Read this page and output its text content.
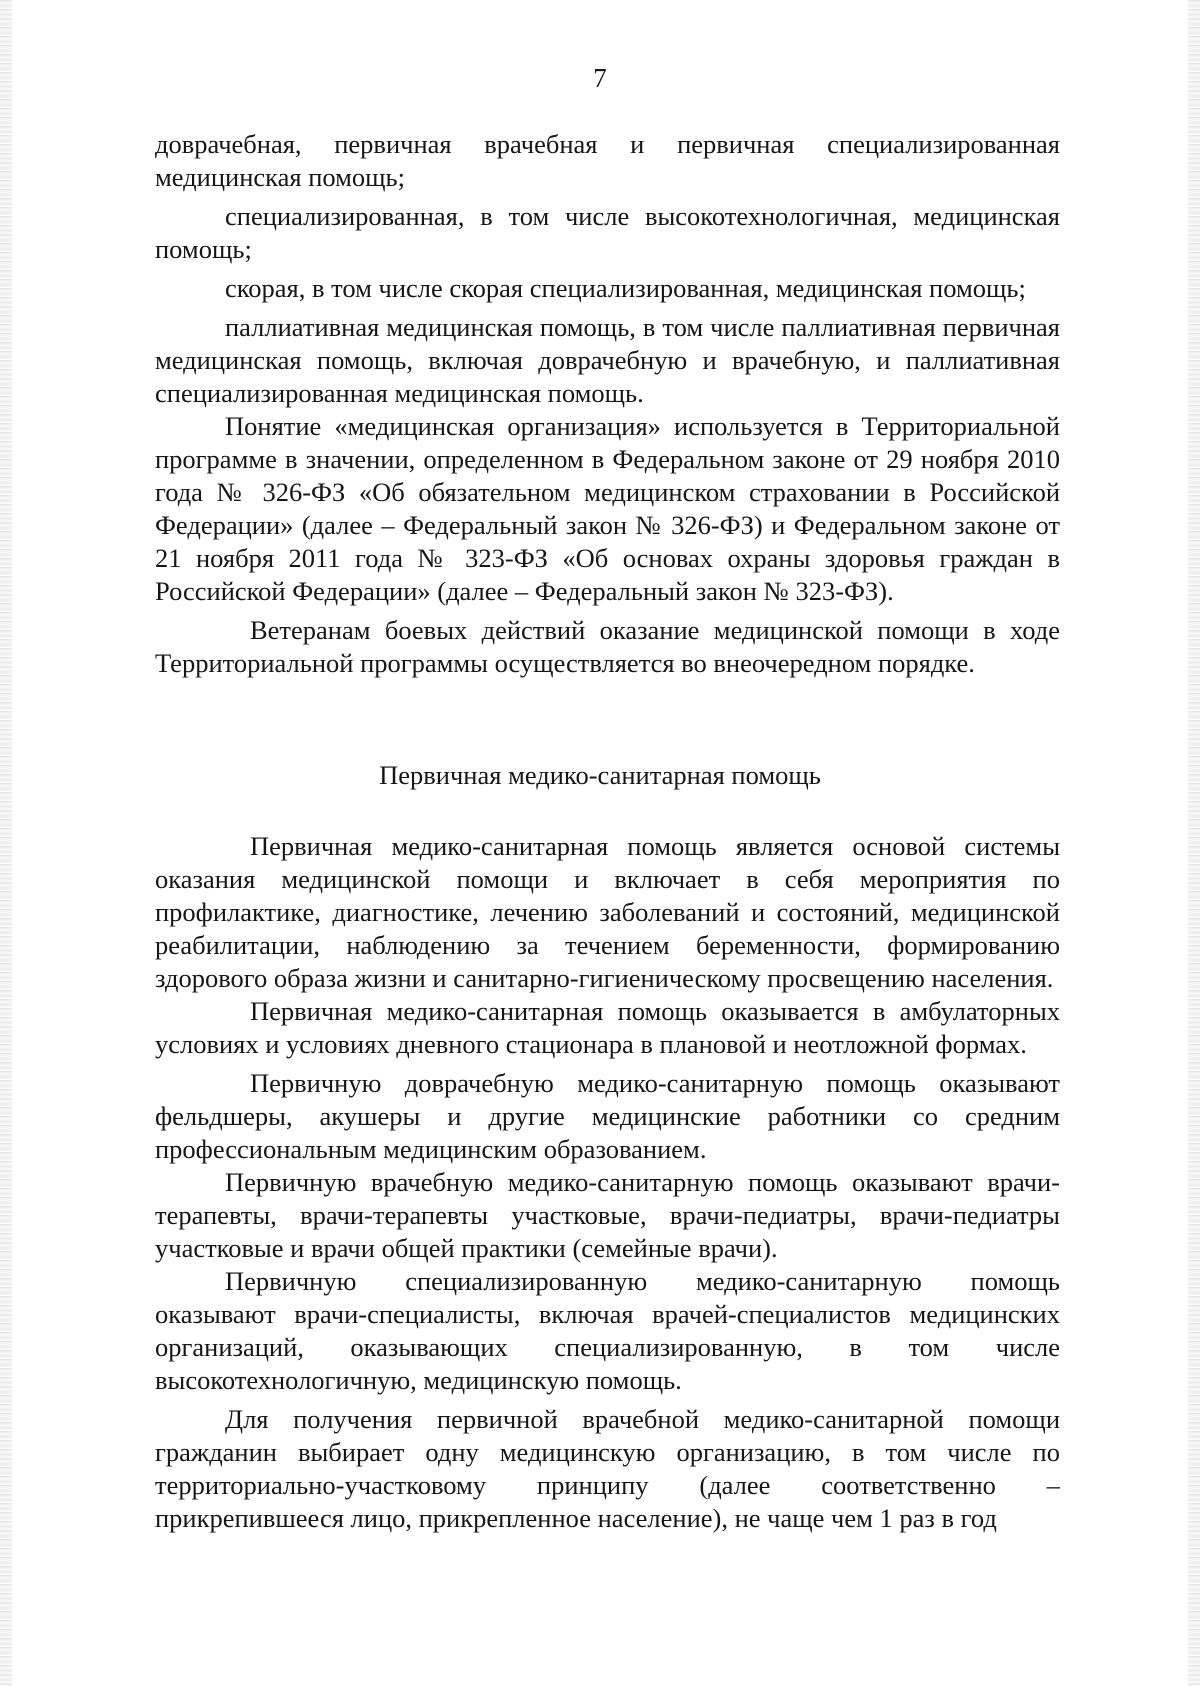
7

доврачебная, первичная врачебная и первичная специализированная медицинская помощь;

специализированная, в том числе высокотехнологичная, медицинская помощь;

скорая, в том числе скорая специализированная, медицинская помощь;

паллиативная медицинская помощь, в том числе паллиативная первичная медицинская помощь, включая доврачебную и врачебную, и паллиативная специализированная медицинская помощь.

Понятие «медицинская организация» используется в Территориальной программе в значении, определенном в Федеральном законе от 29 ноября 2010 года № 326-ФЗ «Об обязательном медицинском страховании в Российской Федерации» (далее – Федеральный закон № 326-ФЗ) и Федеральном законе от 21 ноября 2011 года № 323-ФЗ «Об основах охраны здоровья граждан в Российской Федерации» (далее – Федеральный закон № 323-ФЗ).

Ветеранам боевых действий оказание медицинской помощи в ходе Территориальной программы осуществляется во внеочередном порядке.

Первичная медико-санитарная помощь

Первичная медико-санитарная помощь является основой системы оказания медицинской помощи и включает в себя мероприятия по профилактике, диагностике, лечению заболеваний и состояний, медицинской реабилитации, наблюдению за течением беременности, формированию здорового образа жизни и санитарно-гигиеническому просвещению населения.

Первичная медико-санитарная помощь оказывается в амбулаторных условиях и условиях дневного стационара в плановой и неотложной формах.

Первичную доврачебную медико-санитарную помощь оказывают фельдшеры, акушеры и другие медицинские работники со средним профессиональным медицинским образованием.

Первичную врачебную медико-санитарную помощь оказывают врачи-терапевты, врачи-терапевты участковые, врачи-педиатры, врачи-педиатры участковые и врачи общей практики (семейные врачи).

Первичную специализированную медико-санитарную помощь оказывают врачи-специалисты, включая врачей-специалистов медицинских организаций, оказывающих специализированную, в том числе высокотехнологичную, медицинскую помощь.

Для получения первичной врачебной медико-санитарной помощи гражданин выбирает одну медицинскую организацию, в том числе по территориально-участковому принципу (далее соответственно – прикрепившееся лицо, прикрепленное население), не чаще чем 1 раз в год
